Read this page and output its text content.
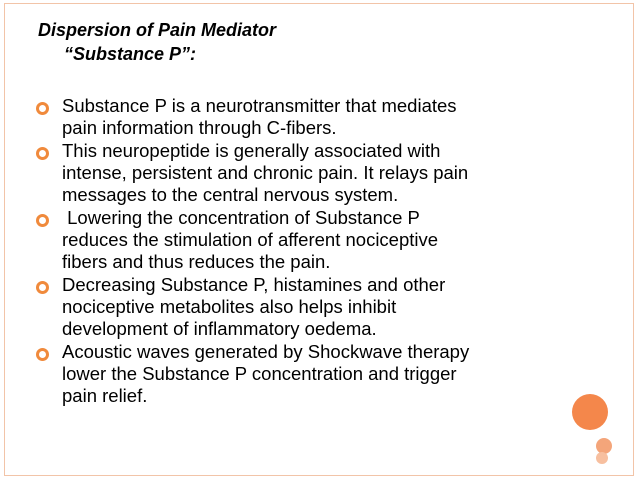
Dispersion of Pain Mediator
“Substance P”:
Substance P is a neurotransmitter that mediates
pain information through C-fibers.
This neuropeptide is generally associated with
intense, persistent and chronic pain. It relays pain
messages to the central nervous system.
Lowering the concentration of Substance P
reduces the stimulation of afferent nociceptive
fibers and thus reduces the pain.
Decreasing Substance P, histamines and other
nociceptive metabolites also helps inhibit
development of inflammatory oedema.
Acoustic waves generated by Shockwave therapy
lower the Substance P concentration and trigger
pain relief.
